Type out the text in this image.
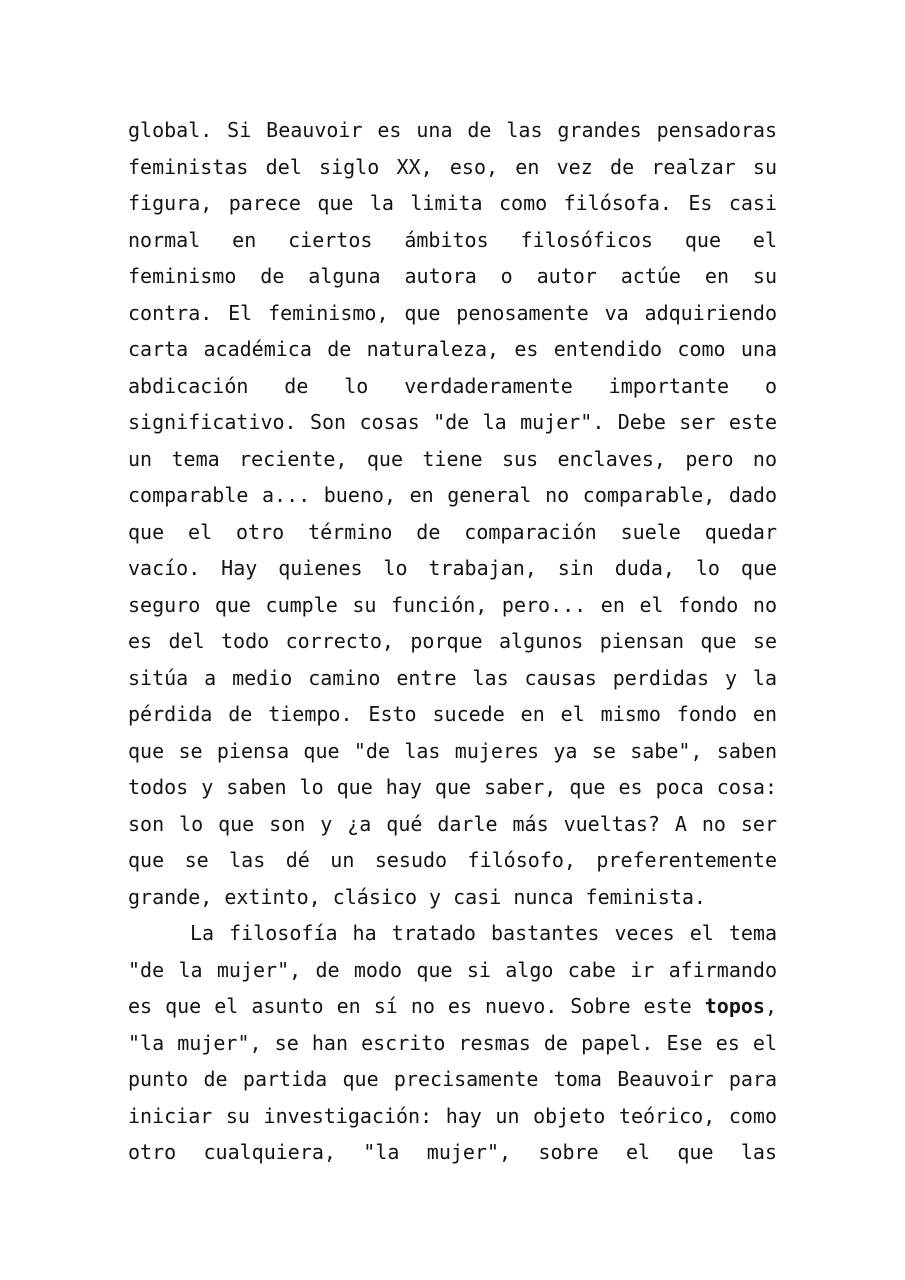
global. Si Beauvoir es una de las grandes pensadoras feministas del siglo XX, eso, en vez de realzar su figura, parece que la limita como filósofa. Es casi normal en ciertos ámbitos filosóficos que el feminismo de alguna autora o autor actúe en su contra. El feminismo, que penosamente va adquiriendo carta académica de naturaleza, es entendido como una abdicación de lo verdaderamente importante o significativo. Son cosas "de la mujer". Debe ser este un tema reciente, que tiene sus enclaves, pero no comparable a... bueno, en general no comparable, dado que el otro término de comparación suele quedar vacío. Hay quienes lo trabajan, sin duda, lo que seguro que cumple su función, pero... en el fondo no es del todo correcto, porque algunos piensan que se sitúa a medio camino entre las causas perdidas y la pérdida de tiempo. Esto sucede en el mismo fondo en que se piensa que "de las mujeres ya se sabe", saben todos y saben lo que hay que saber, que es poca cosa: son lo que son y ¿a qué darle más vueltas? A no ser que se las dé un sesudo filósofo, preferentemente grande, extinto, clásico y casi nunca feminista.

La filosofía ha tratado bastantes veces el tema "de la mujer", de modo que si algo cabe ir afirmando es que el asunto en sí no es nuevo. Sobre este topos, "la mujer", se han escrito resmas de papel. Ese es el punto de partida que precisamente toma Beauvoir para iniciar su investigación: hay un objeto teórico, como otro cualquiera, "la mujer", sobre el que las
